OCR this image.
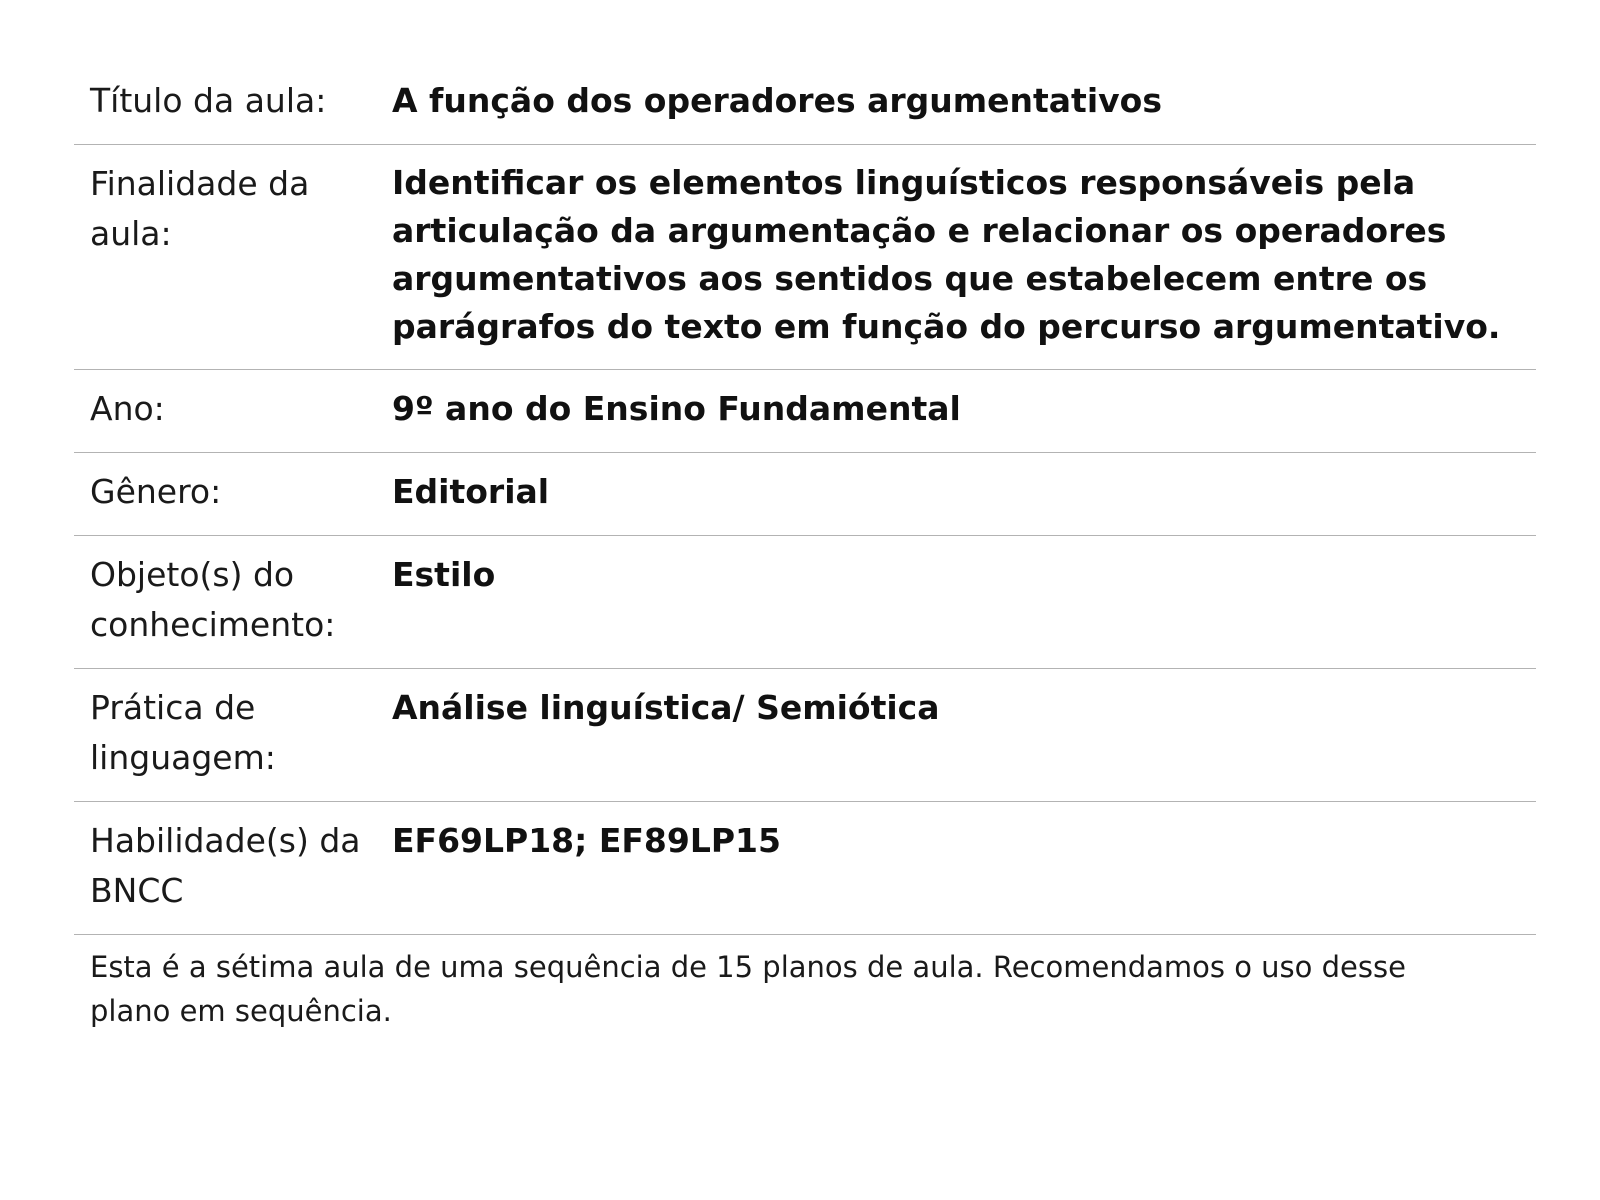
Título da aula:	A função dos operadores argumentativos
Finalidade da aula:	Identificar os elementos linguísticos responsáveis pela articulação da argumentação e relacionar os operadores argumentativos aos sentidos que estabelecem entre os parágrafos do texto em função do percurso argumentativo.
Ano:	9º ano do Ensino Fundamental
Gênero:	Editorial
Objeto(s) do conhecimento:	Estilo
Prática de linguagem:	Análise linguística/ Semiótica
Habilidade(s) da BNCC	EF69LP18; EF89LP15

Esta é a sétima aula de uma sequência de 15 planos de aula. Recomendamos o uso desse plano em sequência.
